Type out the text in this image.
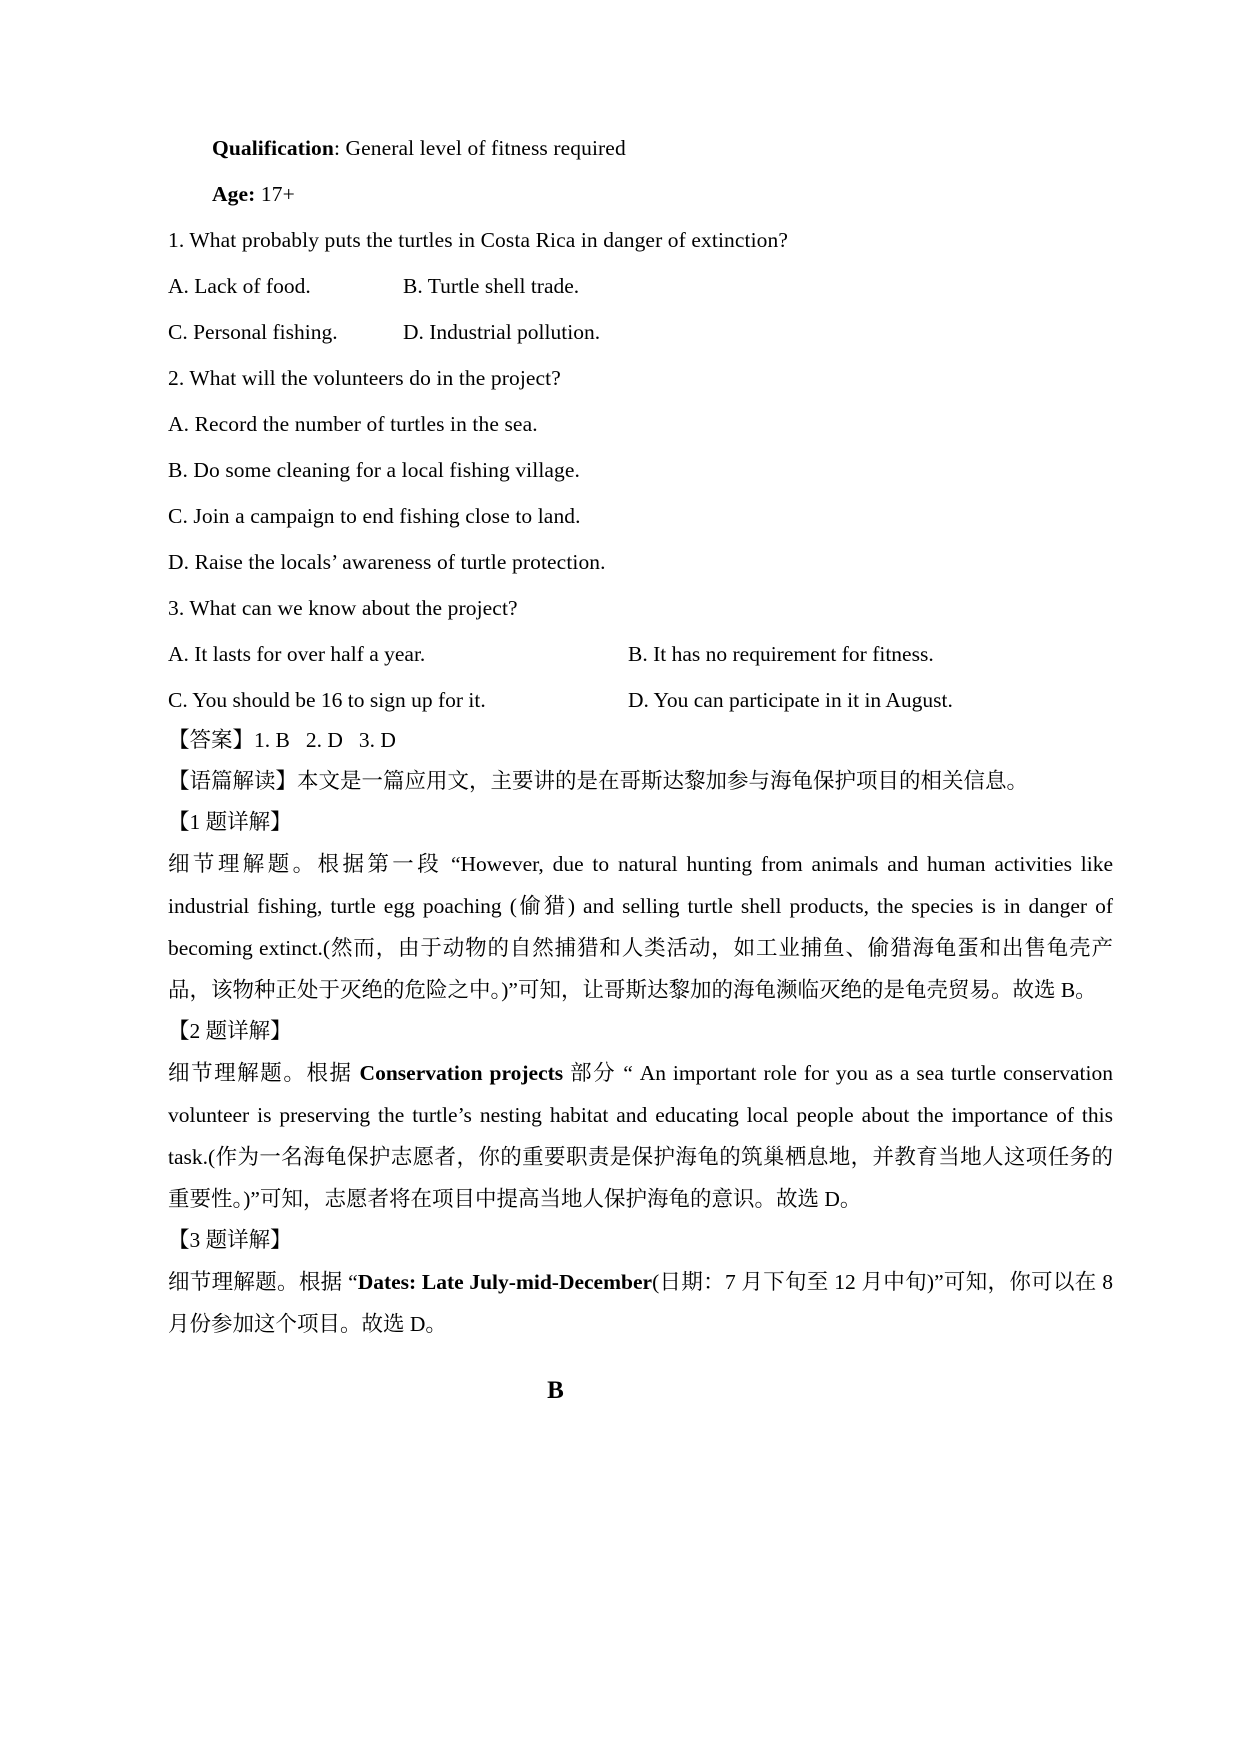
Qualification: General level of fitness required

Age: 17+

1. What probably puts the turtles in Costa Rica in danger of extinction?

A. Lack of food.	B. Turtle shell trade.
C. Personal fishing.	D. Industrial pollution.

2. What will the volunteers do in the project?

A. Record the number of turtles in the sea.

B. Do some cleaning for a local fishing village.

C. Join a campaign to end fishing close to land.

D. Raise the locals’ awareness of turtle protection.

3. What can we know about the project?

A. It lasts for over half a year.	B. It has no requirement for fitness.
C. You should be 16 to sign up for it.	D. You can participate in it in August.

【答案】1. B 2. D 3. D

【语篇解读】本文是一篇应用文，主要讲的是在哥斯达黎加参与海龟保护项目的相关信息。

【1 题详解】

细节理解题。根据第一段 “However, due to natural hunting from animals and human activities like industrial fishing, turtle egg poaching (偷猎) and selling turtle shell products, the species is in danger of becoming extinct.(然而，由于动物的自然捕猎和人类活动，如工业捕鱼、偷猎海龟蛋和出售龟壳产品，该物种正处于灭绝的危险之中。)”可知，让哥斯达黎加的海龟濒临灭绝的是龟壳贸易。故选 B。

【2 题详解】

细节理解题。根据 Conservation projects 部分 “ An important role for you as a sea turtle conservation volunteer is preserving the turtle’s nesting habitat and educating local people about the importance of this task.(作为一名海龟保护志愿者，你的重要职责是保护海龟的筑巢栖息地，并教育当地人这项任务的重要性。)”可知，志愿者将在项目中提高当地人保护海龟的意识。故选 D。

【3 题详解】

细节理解题。根据 “Dates: Late July-mid-December(日期：7 月下旬至 12 月中旬)”可知，你可以在 8 月份参加这个项目。故选 D。

B
